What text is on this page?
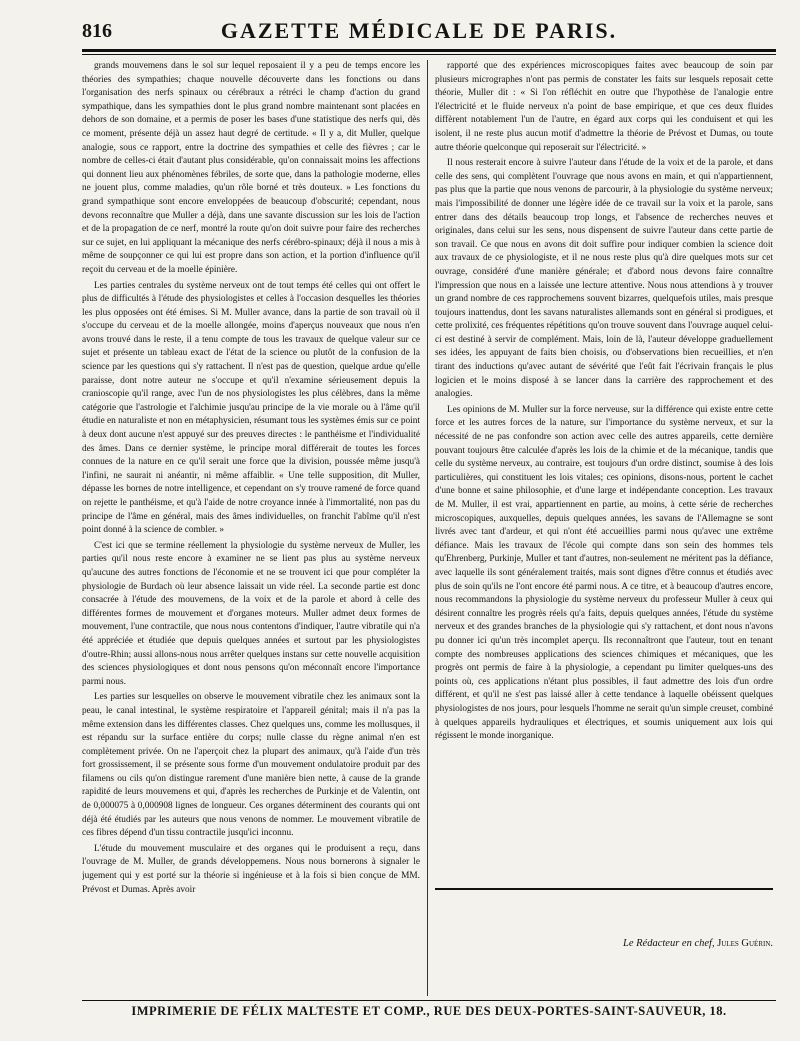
816	GAZETTE MÉDICALE DE PARIS.

grands mouvemens dans le sol sur lequel reposaient il y a peu de temps encore les théories des sympathies; chaque nouvelle découverte dans les fonctions ou dans l'organisation des nerfs spinaux ou cérébraux a rétréci le champ d'action du grand sympathique, dans les sympathies dont le plus grand nombre maintenant sont placées en dehors de son domaine, et a permis de poser les bases d'une statistique des nerfs qui, dès ce moment, présente déjà un assez haut degré de certitude. « Il y a, dit Muller, quelque analogie, sous ce rapport, entre la doctrine des sympathies et celle des fièvres ; car le nombre de celles-ci était d'autant plus considérable, qu'on connaissait moins les affections qui donnent lieu aux phénomènes fébriles, de sorte que, dans la pathologie moderne, elles ne jouent plus, comme maladies, qu'un rôle borné et très douteux. » Les fonctions du grand sympathique sont encore enveloppées de beaucoup d'obscurité; cependant, nous devons reconnaître que Muller a déjà, dans une savante discussion sur les lois de l'action et de la propagation de ce nerf, montré la route qu'on doit suivre pour faire des recherches sur ce sujet, en lui appliquant la mécanique des nerfs cérébro-spinaux; déjà il nous a mis à même de soupçonner ce qui lui est propre dans son action, et la portion d'influence qu'il reçoit du cerveau et de la moelle épinière.

Les parties centrales du système nerveux ont de tout temps été celles qui ont offert le plus de difficultés à l'étude des physiologistes et celles à l'occasion desquelles les théories les plus opposées ont été émises. Si M. Muller avance, dans la partie de son travail où il s'occupe du cerveau et de la moelle allongée, moins d'aperçus nouveaux que nous n'en avons trouvé dans le reste, il a tenu compte de tous les travaux de quelque valeur sur ce sujet et présente un tableau exact de l'état de la science ou plutôt de la confusion de la science par les questions qui s'y rattachent. Il n'est pas de question, quelque ardue qu'elle paraisse, dont notre auteur ne s'occupe et qu'il n'examine sérieusement depuis la cranioscopie qu'il range, avec l'un de nos physiologistes les plus célèbres, dans la même catégorie que l'astrologie et l'alchimie jusqu'au principe de la vie morale ou à l'âme qu'il étudie en naturaliste et non en métaphysicien, résumant tous les systèmes émis sur ce point à deux dont aucune n'est appuyé sur des preuves directes : le panthéisme et l'individualité des âmes. Dans ce dernier système, le principe moral différerait de toutes les forces connues de la nature en ce qu'il serait une force que la division, poussée même jusqu'à l'infini, ne saurait ni anéantir, ni même affaiblir. « Une telle supposition, dit Muller, dépasse les bornes de notre intelligence, et cependant on s'y trouve ramené de force quand on rejette le panthéisme, et qu'à l'aide de notre croyance innée à l'immortalité, non pas du principe de l'âme en général, mais des âmes individuelles, on franchit l'abîme qu'il n'est point donné à la science de combler. »

C'est ici que se termine réellement la physiologie du système nerveux de Muller, les parties qu'il nous reste encore à examiner ne se lient pas plus au système nerveux qu'aucune des autres fonctions de l'économie et ne se trouvent ici que pour compléter la physiologie de Burdach où leur absence laissait un vide réel. La seconde partie est donc consacrée à l'étude des mouvemens, de la voix et de la parole et abord à celle des différentes formes de mouvement et d'organes moteurs. Muller admet deux formes de mouvement, l'une contractile, que nous nous contentons d'indiquer, l'autre vibratile qui n'a été appréciée et étudiée que depuis quelques années et surtout par les physiologistes d'outre-Rhin; aussi allons-nous nous arrêter quelques instans sur cette nouvelle acquisition des sciences physiologiques et dont nous pensons qu'on méconnaît encore l'importance parmi nous.

Les parties sur lesquelles on observe le mouvement vibratile chez les animaux sont la peau, le canal intestinal, le système respiratoire et l'appareil génital; mais il n'a pas la même extension dans les différentes classes. Chez quelques uns, comme les mollusques, il est répandu sur la surface entière du corps; nulle classe du règne animal n'en est complètement privée. On ne l'aperçoit chez la plupart des animaux, qu'à l'aide d'un très fort grossissement, il se présente sous forme d'un mouvement ondulatoire produit par des filamens ou cils qu'on distingue rarement d'une manière bien nette, à cause de la grande rapidité de leurs mouvemens et qui, d'après les recherches de Purkinje et de Valentin, ont de 0,000075 à 0,000908 lignes de longueur. Ces organes déterminent des courants qui ont déjà été étudiés par les auteurs que nous venons de nommer. Le mouvement vibratile de ces fibres dépend d'un tissu contractile jusqu'ici inconnu.

L'étude du mouvement musculaire et des organes qui le produisent a reçu, dans l'ouvrage de M. Muller, de grands développemens. Nous nous bornerons à signaler le jugement qui y est porté sur la théorie si ingénieuse et à la fois si bien conçue de MM. Prévost et Dumas. Après avoir

rapporté que des expériences microscopiques faites avec beaucoup de soin par plusieurs micrographes n'ont pas permis de constater les faits sur lesquels reposait cette théorie, Muller dit : « Si l'on réfléchit en outre que l'hypothèse de l'analogie entre l'électricité et le fluide nerveux n'a point de base empirique, et que ces deux fluides diffèrent notablement l'un de l'autre, en égard aux corps qui les conduisent et qui les isolent, il ne reste plus aucun motif d'admettre la théorie de Prévost et Dumas, ou toute autre théorie quelconque qui reposerait sur l'électricité. »

Il nous resterait encore à suivre l'auteur dans l'étude de la voix et de la parole, et dans celle des sens, qui complètent l'ouvrage que nous avons en main, et qui n'appartiennent, pas plus que la partie que nous venons de parcourir, à la physiologie du système nerveux; mais l'impossibilité de donner une légère idée de ce travail sur la voix et la parole, sans entrer dans des détails beaucoup trop longs, et l'absence de recherches neuves et originales, dans celui sur les sens, nous dispensent de suivre l'auteur dans cette partie de son travail. Ce que nous en avons dit doit suffire pour indiquer combien la science doit aux travaux de ce physiologiste, et il ne nous reste plus qu'à dire quelques mots sur cet ouvrage, considéré d'une manière générale; et d'abord nous devons faire connaître l'impression que nous en a laissée une lecture attentive. Nous nous attendions à y trouver un grand nombre de ces rapprochemens souvent bizarres, quelquefois utiles, mais presque toujours inattendus, dont les savans naturalistes allemands sont en général si prodigues, et cette prolixité, ces fréquentes répétitions qu'on trouve souvent dans l'ouvrage auquel celui-ci est destiné à servir de complément. Mais, loin de là, l'auteur développe graduellement ses idées, les appuyant de faits bien choisis, ou d'observations bien recueillies, et n'en tirant des inductions qu'avec autant de sévérité que l'eût fait l'écrivain français le plus logicien et le moins disposé à se lancer dans la carrière des rapprochement et des analogies.

Les opinions de M. Muller sur la force nerveuse, sur la différence qui existe entre cette force et les autres forces de la nature, sur l'importance du système nerveux, et sur la nécessité de ne pas confondre son action avec celle des autres appareils, cette dernière pouvant toujours être calculée d'après les lois de la chimie et de la mécanique, tandis que celle du système nerveux, au contraire, est toujours d'un ordre distinct, soumise à des lois particulières, qui constituent les lois vitales; ces opinions, disons-nous, portent le cachet d'une bonne et saine philosophie, et d'une large et indépendante conception. Les travaux de M. Muller, il est vrai, appartiennent en partie, au moins, à cette série de recherches microscopiques, auxquelles, depuis quelques années, les savans de l'Allemagne se sont livrés avec tant d'ardeur, et qui n'ont été accueillies parmi nous qu'avec une extrême défiance. Mais les travaux de l'école qui compte dans son sein des hommes tels qu'Ehrenberg, Purkinje, Muller et tant d'autres, non-seulement ne méritent pas la défiance, avec laquelle ils sont généralement traités, mais sont dignes d'être connus et étudiés avec plus de soin qu'ils ne l'ont encore été parmi nous. A ce titre, et à beaucoup d'autres encore, nous recommandons la physiologie du système nerveux du professeur Muller à ceux qui désirent connaître les progrès réels qu'a faits, depuis quelques années, l'étude du système nerveux et des grandes branches de la physiologie qui s'y rattachent, et dont nous n'avons pu donner ici qu'un très incomplet aperçu. Ils reconnaîtront que l'auteur, tout en tenant compte des nombreuses applications des sciences chimiques et mécaniques, que les progrès ont permis de faire à la physiologie, a cependant pu limiter quelques-uns des points où, ces applications n'étant plus possibles, il faut admettre des lois d'un ordre différent, et qu'il ne s'est pas laissé aller à cette tendance à laquelle obéissent quelques physiologistes de nos jours, pour lesquels l'homme ne serait qu'un simple creuset, combiné à quelques appareils hydrauliques et électriques, et soumis uniquement aux lois qui régissent le monde inorganique.

Le Rédacteur en chef, Jules Guérin.
IMPRIMERIE DE FÉLIX MALTESTE ET COMP., RUE DES DEUX-PORTES-SAINT-SAUVEUR, 18.
